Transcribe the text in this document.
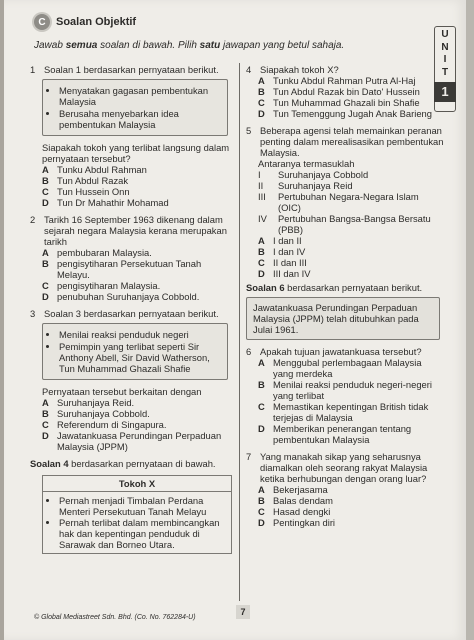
C Soalan Objektif
Jawab semua soalan di bawah. Pilih satu jawapan yang betul sahaja.
U
N
I
T
1
1 Soalan 1 berdasarkan pernyataan berikut.
• Menyatakan gagasan pembentukan Malaysia
• Berusaha menyebarkan idea pembentukan Malaysia
Siapakah tokoh yang terlibat langsung dalam pernyataan tersebut?
A Tunku Abdul Rahman
B Tun Abdul Razak
C Tun Hussein Onn
D Tun Dr Mahathir Mohamad
2 Tarikh 16 September 1963 dikenang dalam sejarah negara Malaysia kerana merupakan tarikh
A pembubaran Malaysia.
B pengisytiharan Persekutuan Tanah Melayu.
C pengisytiharan Malaysia.
D penubuhan Suruhanjaya Cobbold.
3 Soalan 3 berdasarkan pernyataan berikut.
• Menilai reaksi penduduk negeri
• Pemimpin yang terlibat seperti Sir Anthony Abell, Sir David Watherson, Tun Muhammad Ghazali Shafie
Pernyataan tersebut berkaitan dengan
A Suruhanjaya Reid.
B Suruhanjaya Cobbold.
C Referendum di Singapura.
D Jawatankuasa Perundingan Perpaduan Malaysia (JPPM)
Soalan 4 berdasarkan pernyataan di bawah.
Tokoh X
• Pernah menjadi Timbalan Perdana Menteri Persekutuan Tanah Melayu
• Pernah terlibat dalam membincangkan hak dan kepentingan penduduk di Sarawak dan Borneo Utara.
4 Siapakah tokoh X?
A Tunku Abdul Rahman Putra Al-Haj
B Tun Abdul Razak bin Dato' Hussein
C Tun Muhammad Ghazali bin Shafie
D Tun Temenggung Jugah Anak Barieng
5 Beberapa agensi telah memainkan peranan penting dalam merealisasikan pembentukan Malaysia.
Antaranya termasuklah
I	Suruhanjaya Cobbold
II	Suruhanjaya Reid
III	Pertubuhan Negara-Negara Islam (OIC)
IV	Pertubuhan Bangsa-Bangsa Bersatu (PBB)
A I dan II
B I dan IV
C II dan III
D III dan IV
Soalan 6 berdasarkan pernyataan berikut.
Jawatankuasa Perundingan Perpaduan Malaysia (JPPM) telah ditubuhkan pada Julai 1961.
6 Apakah tujuan jawatankuasa tersebut?
A Menggubal perlembagaan Malaysia yang merdeka
B Menilai reaksi penduduk negeri-negeri yang terlibat
C Memastikan kepentingan British tidak terjejas di Malaysia
D Memberikan penerangan tentang pembentukan Malaysia
7 Yang manakah sikap yang seharusnya diamalkan oleh seorang rakyat Malaysia ketika berhubungan dengan orang luar?
A Bekerjasama
B Balas dendam
C Hasad dengki
D Pentingkan diri
7
© Global Mediastreet Sdn. Bhd. (Co. No. 762284-U)
